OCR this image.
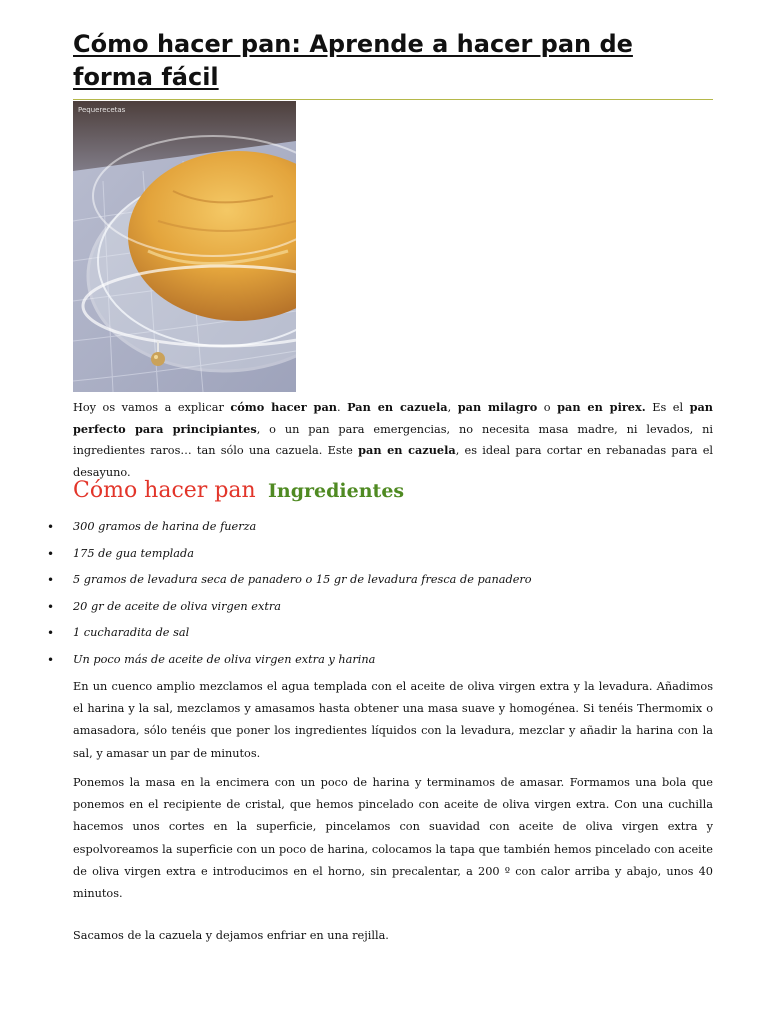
Cómo hacer pan: Aprende a hacer pan de forma fácil
Pequerecetas

Hoy os vamos a explicar cómo hacer pan. Pan en cazuela, pan milagro o pan en pirex. Es el pan perfecto para principiantes, o un pan para emergencias, no necesita masa madre, ni levados, ni ingredientes raros… tan sólo una cazuela. Este pan en cazuela, es ideal para cortar en rebanadas para el desayuno.

Cómo hacer pan Ingredientes
• 300 gramos de harina de fuerza
• 175 de gua templada
• 5 gramos de levadura seca de panadero o 15 gr de levadura fresca de panadero
• 20 gr de aceite de oliva virgen extra
• 1 cucharadita de sal
• Un poco más de aceite de oliva virgen extra y harina

En un cuenco amplio mezclamos el agua templada con el aceite de oliva virgen extra y la levadura. Añadimos el harina y la sal, mezclamos y amasamos hasta obtener una masa suave y homogénea. Si tenéis Thermomix o amasadora, sólo tenéis que poner los ingredientes líquidos con la levadura, mezclar y añadir la harina con la sal, y amasar un par de minutos.

Ponemos la masa en la encimera con un poco de harina y terminamos de amasar. Formamos una bola que ponemos en el recipiente de cristal, que hemos pincelado con aceite de oliva virgen extra. Con una cuchilla hacemos unos cortes en la superficie, pincelamos con suavidad con aceite de oliva virgen extra y espolvoreamos la superficie con un poco de harina, colocamos la tapa que también hemos pincelado con aceite de oliva virgen extra e introducimos en el horno, sin precalentar, a 200 º con calor arriba y abajo, unos 40 minutos.

Sacamos de la cazuela y dejamos enfriar en una rejilla.
